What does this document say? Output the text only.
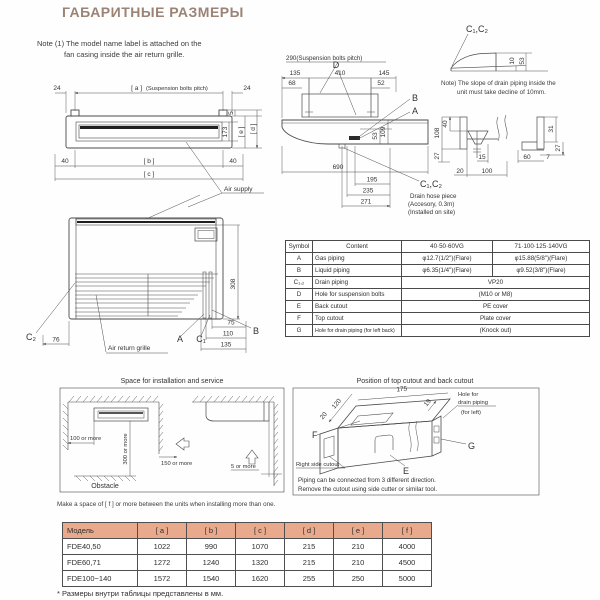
ГАБАРИТНЫЕ РАЗМЕРЫ
Note (1) The model name label is attached on the
fan casing inside the air return grille.
24	[ a ] (Suspension bolts pitch)	24
5
173 [ e ] [ d ]
40	[ b ]	40
[ c ]
Air supply
290(Suspension bolts pitch)
D
135	410	145
68	52
B
A
53 109
690
195
235
271
C₁,C₂
Drain hose piece
(Accesory, 0.3m)
(Installed on site)
C₁,C₂
10 53
Note) The slope of drain piping inside the
unit must take decline of 10mm.
40
108
27	15
20	100
60 7
31
27
C₂	76
Air return grille
A C₁
B
75
110
135
308
Symbol	Content	40·50·60VG	71·100·125·140VG
A	Gas piping	φ12.7(1/2")(Flare)	φ15.88(5/8")(Flare)
B	Liquid piping	φ6.35(1/4")(Flare)	φ9.52(3/8")(Flare)
C₁,₂	Drain piping	VP20	
D	Hole for suspension bolts	(M10 or M8)	
E	Back cutout	PE cover	
F	Top cutout	Plate cover	
G	Hole for drain piping (for left back)	(Knock out)	
Space for installation and service
100 or more	300 or more	150 or more	5 or more
Obstacle
Make a space of [ f ] or more between the units when installing more than one.
Position of top cutout and back cutout
20
120
175
19
Hole for
drain piping
(for left)
F
G
E
Right side cutout
Piping can be connected from 3 different direction.
Remove the cutout using side cutter or similar tool.
Модель	[ a ]	[ b ]	[ c ]	[ d ]	[ e ]	[ f ]
FDE40,50	1022	990	1070	215	210	4000
FDE60,71	1272	1240	1320	215	210	4500
FDE100~140	1572	1540	1620	255	250	5000
* Размеры внутри таблицы представлены в мм.
